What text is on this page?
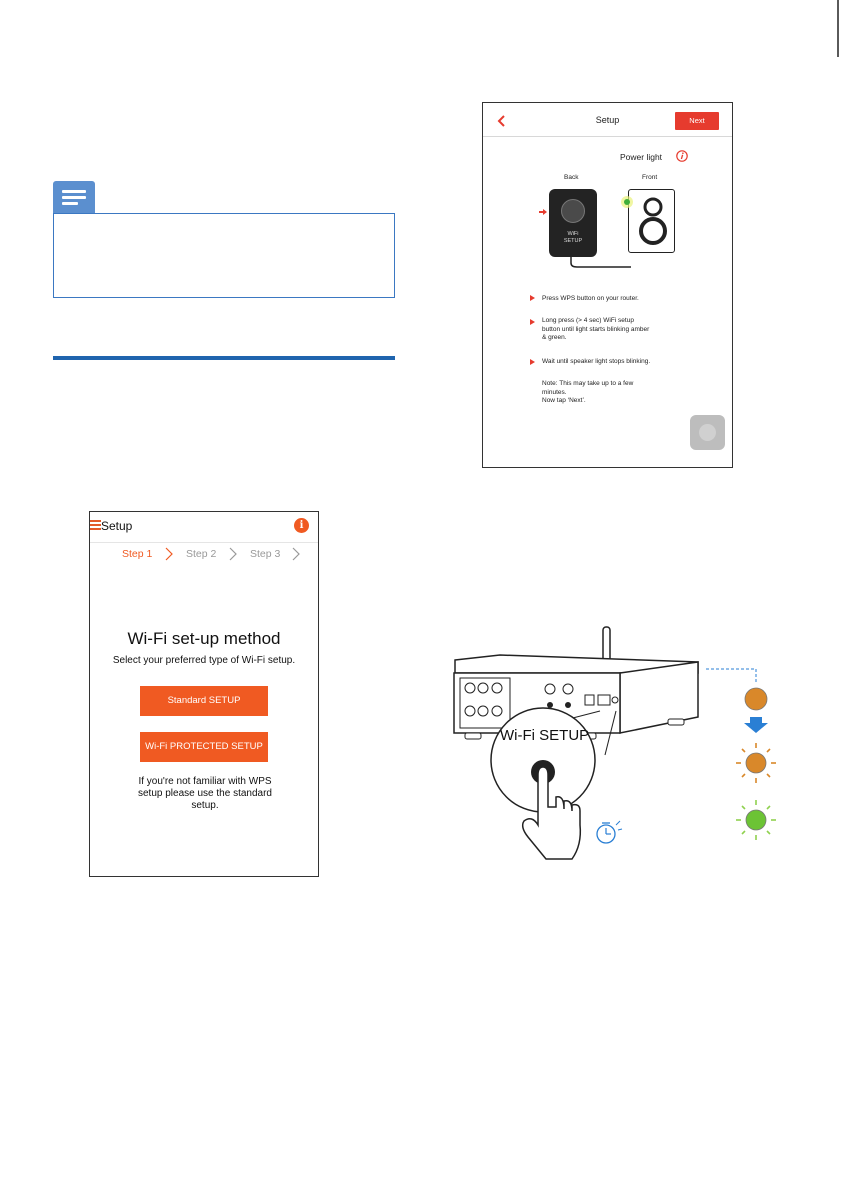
Setup	i
Step 1	Step 2	Step 3
Wi-Fi set-up method
Select your preferred type of Wi-Fi setup.
Standard SETUP
Wi-Fi PROTECTED SETUP
If you're not familiar with WPS
setup please use the standard
setup.
Setup	Next
Power light
Back	Front
WiFi
SETUP
Press WPS button on your router.
Long press (> 4 sec) WiFi setup
button until light starts blinking amber
& green.
Wait until speaker light stops blinking.
Note: This may take up to a few
minutes.
Now tap ‘Next’.
Wi-Fi SETUP
